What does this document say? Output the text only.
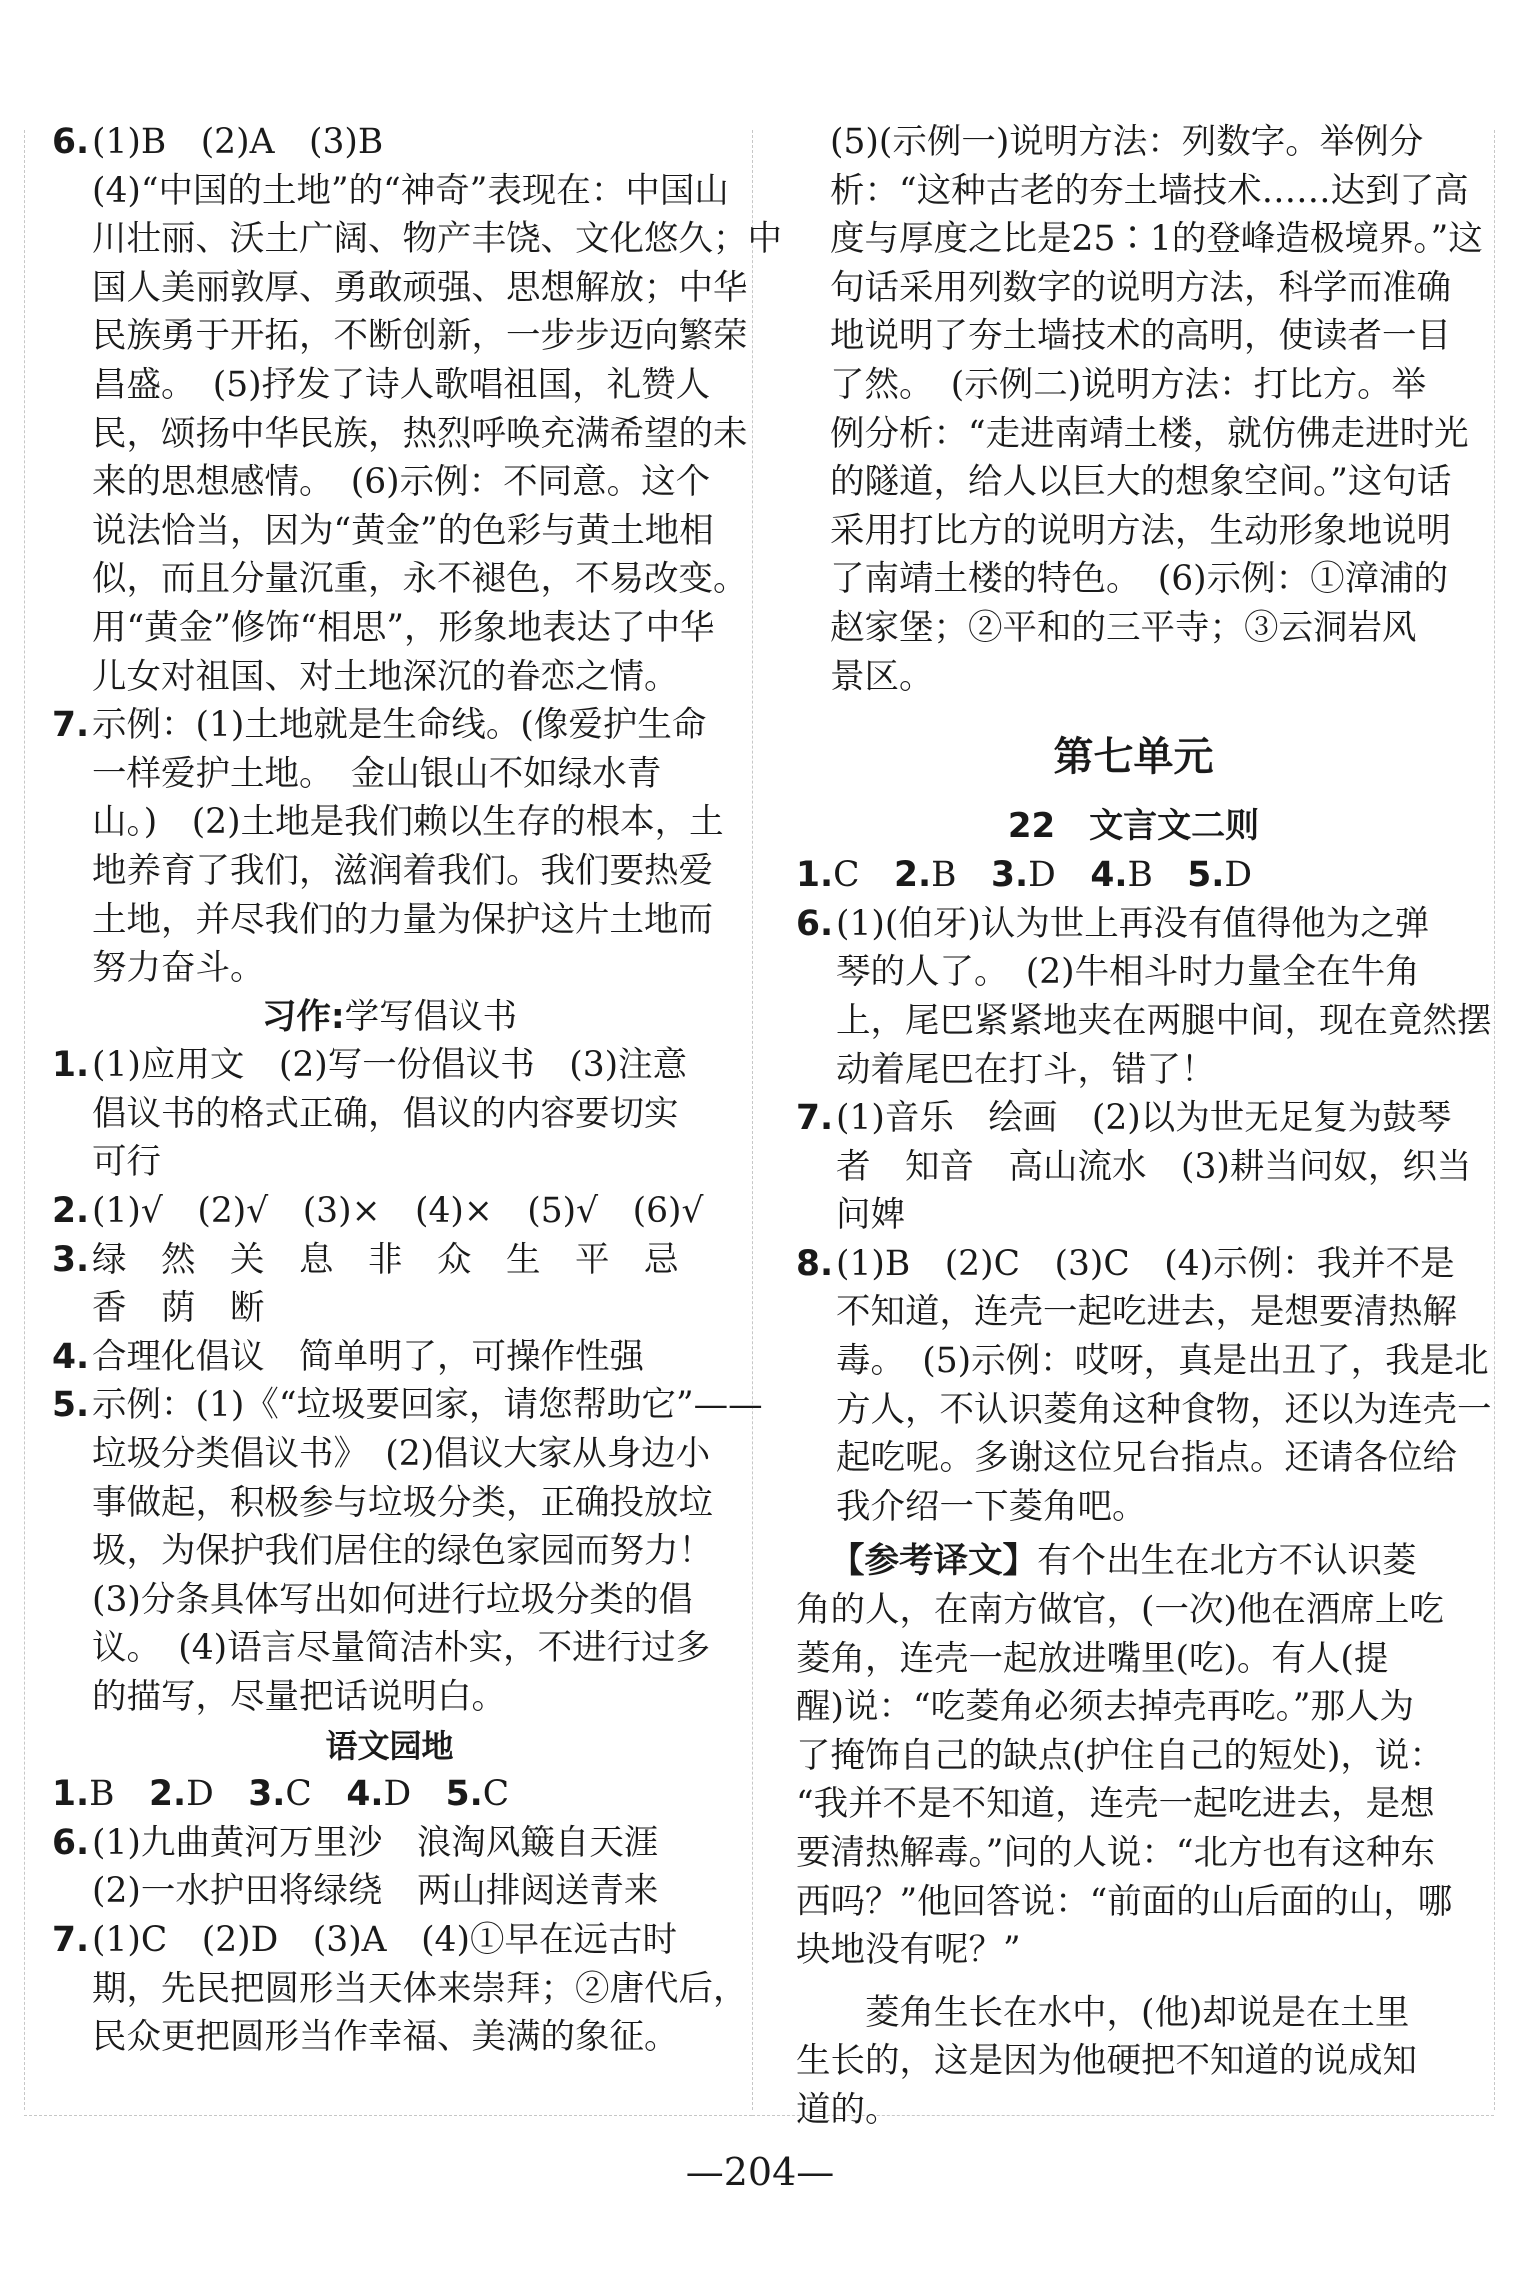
6. (1)B　(2)A　(3)B
(4)“中国的土地”的“神奇”表现在：中国山
川壮丽、沃土广阔、物产丰饶、文化悠久；中
国人美丽敦厚、勇敢顽强、思想解放；中华
民族勇于开拓，不断创新，一步步迈向繁荣
昌盛。　(5)抒发了诗人歌唱祖国，礼赞人
民，颂扬中华民族，热烈呼唤充满希望的未
来的思想感情。　(6)示例：不同意。这个
说法恰当，因为“黄金”的色彩与黄土地相
似，而且分量沉重，永不褪色，不易改变。
用“黄金”修饰“相思”，形象地表达了中华
儿女对祖国、对土地深沉的眷恋之情。
7. 示例：(1)土地就是生命线。(像爱护生命
一样爱护土地。　金山银山不如绿水青
山。)　(2)土地是我们赖以生存的根本，土
地养育了我们，滋润着我们。我们要热爱
土地，并尽我们的力量为保护这片土地而
努力奋斗。
习作:学写倡议书
1. (1)应用文　(2)写一份倡议书　(3)注意
倡议书的格式正确，倡议的内容要切实
可行
2. (1)√　(2)√　(3)×　(4)×　(5)√　(6)√
3. 绿　然　关　息　非　众　生　平　忌
香　荫　断
4. 合理化倡议　简单明了，可操作性强
5. 示例：(1)《“垃圾要回家，请您帮助它”——
垃圾分类倡议书》　(2)倡议大家从身边小
事做起，积极参与垃圾分类，正确投放垃
圾，为保护我们居住的绿色家园而努力！
(3)分条具体写出如何进行垃圾分类的倡
议。　(4)语言尽量简洁朴实，不进行过多
的描写，尽量把话说明白。
语文园地
1.B　 2.D　 3.C　 4.D　 5.C
6. (1)九曲黄河万里沙　浪淘风簸自天涯
(2)一水护田将绿绕　两山排闼送青来
7. (1)C　(2)D　(3)A　(4)①早在远古时
期，先民把圆形当天体来崇拜；②唐代后，
民众更把圆形当作幸福、美满的象征。
(5)(示例一)说明方法：列数字。举例分
析：“这种古老的夯土墙技术……达到了高
度与厚度之比是25∶1的登峰造极境界。”这
句话采用列数字的说明方法，科学而准确
地说明了夯土墙技术的高明，使读者一目
了然。　(示例二)说明方法：打比方。举
例分析：“走进南靖土楼，就仿佛走进时光
的隧道，给人以巨大的想象空间。”这句话
采用打比方的说明方法，生动形象地说明
了南靖土楼的特色。　(6)示例：①漳浦的
赵家堡；②平和的三平寺；③云洞岩风
景区。
第七单元
22　文言文二则
1.C　 2.B　 3.D　 4.B　 5.D
6. (1)(伯牙)认为世上再没有值得他为之弹
琴的人了。　(2)牛相斗时力量全在牛角
上，尾巴紧紧地夹在两腿中间，现在竟然摆
动着尾巴在打斗，错了！
7. (1)音乐　绘画　(2)以为世无足复为鼓琴
者　知音　高山流水　(3)耕当问奴，织当
问婢
8. (1)B　(2)C　(3)C　(4)示例：我并不是
不知道，连壳一起吃进去，是想要清热解
毒。　(5)示例：哎呀，真是出丑了，我是北
方人，不认识菱角这种食物，还以为连壳一
起吃呢。多谢这位兄台指点。还请各位给
我介绍一下菱角吧。
【参考译文】有个出生在北方不认识菱
角的人，在南方做官，(一次)他在酒席上吃
菱角，连壳一起放进嘴里(吃)。有人(提
醒)说：“吃菱角必须去掉壳再吃。”那人为
了掩饰自己的缺点(护住自己的短处)，说：
“我并不是不知道，连壳一起吃进去，是想
要清热解毒。”问的人说：“北方也有这种东
西吗？”他回答说：“前面的山后面的山，哪
块地没有呢？”
　　菱角生长在水中，(他)却说是在土里
生长的，这是因为他硬把不知道的说成知
道的。
—204—
